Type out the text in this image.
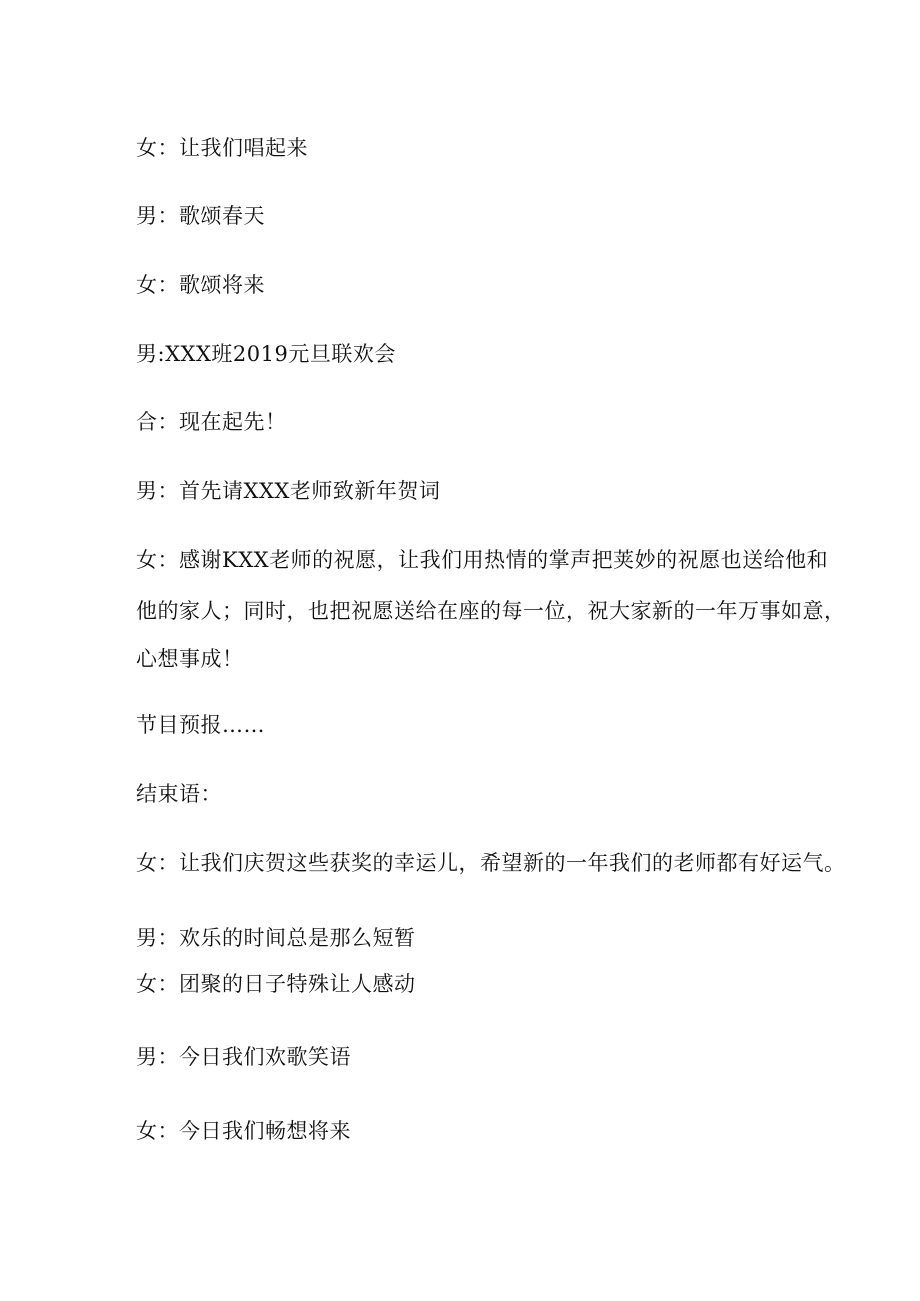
女：让我们唱起来
男：歌颂春天
女：歌颂将来
男:XXX班2019元旦联欢会
合：现在起先！
男：首先请XXX老师致新年贺词
女：感谢KXX老师的祝愿，让我们用热情的掌声把荚妙的祝愿也送给他和
他的家人；同时，也把祝愿送给在座的每一位，祝大家新的一年万事如意，
心想事成！
节目预报……
结束语：
女：让我们庆贺这些获奖的幸运儿，希望新的一年我们的老师都有好运气。
男：欢乐的时间总是那么短暂
女：团聚的日子特殊让人感动
男：今日我们欢歌笑语
女：今日我们畅想将来
